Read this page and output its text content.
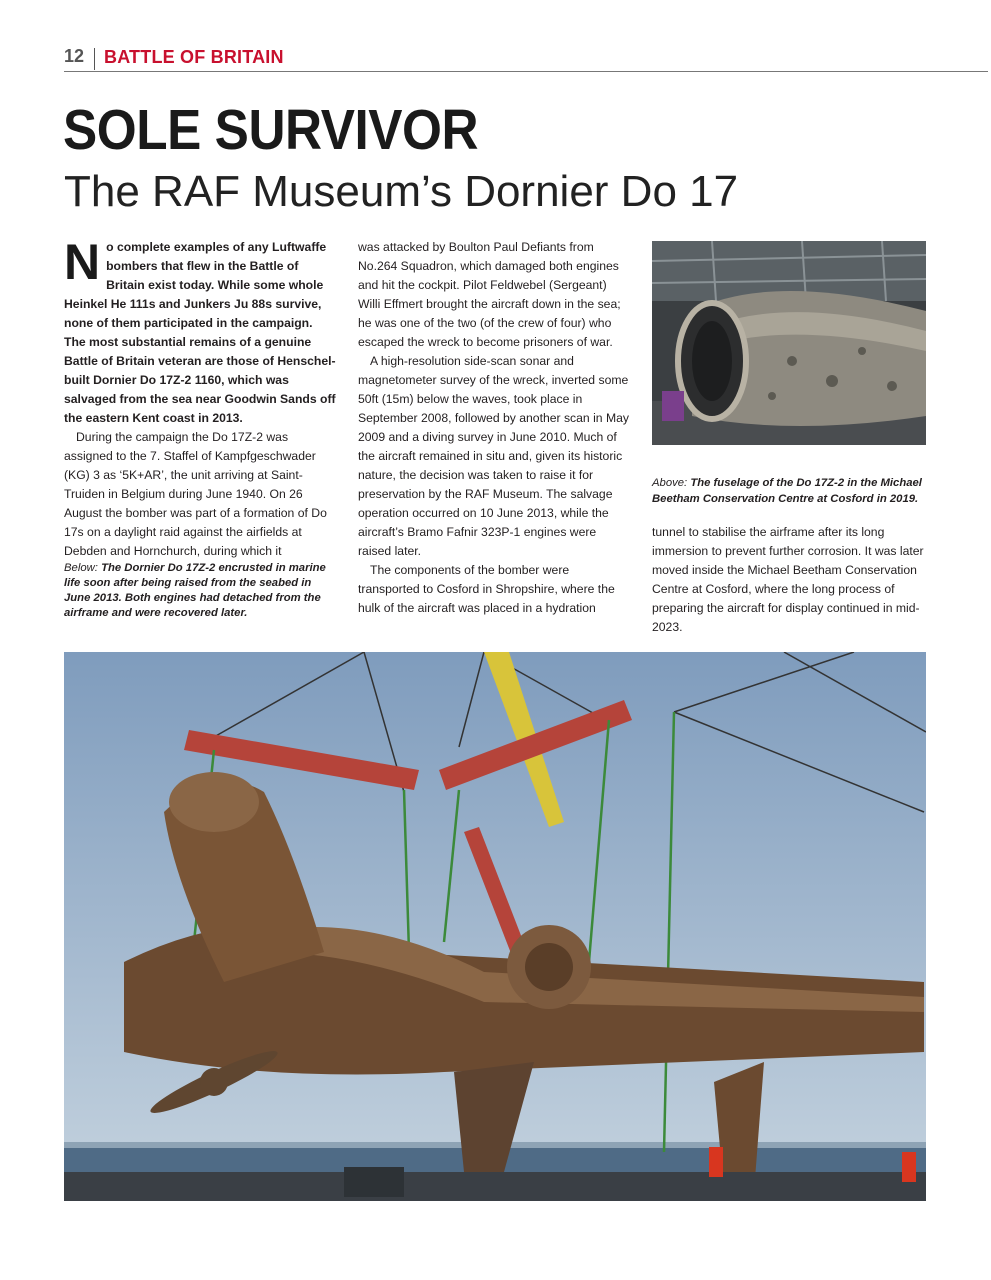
12 BATTLE OF BRITAIN
SOLE SURVIVOR
The RAF Museum’s Dornier Do 17

No complete examples of any Luftwaffe bombers that flew in the Battle of Britain exist today. While some whole Heinkel He 111s and Junkers Ju 88s survive, none of them participated in the campaign. The most substantial remains of a genuine Battle of Britain veteran are those of Henschel-built Dornier Do 17Z-2 1160, which was salvaged from the sea near Goodwin Sands off the eastern Kent coast in 2013.

During the campaign the Do 17Z-2 was assigned to the 7. Staffel of Kampfgeschwader (KG) 3 as ‘5K+AR’, the unit arriving at Saint-Truiden in Belgium during June 1940. On 26 August the bomber was part of a formation of Do 17s on a daylight raid against the airfields at Debden and Hornchurch, during which it

Below: The Dornier Do 17Z-2 encrusted in marine life soon after being raised from the seabed in June 2013. Both engines had detached from the airframe and were recovered later.

was attacked by Boulton Paul Defiants from No.264 Squadron, which damaged both engines and hit the cockpit. Pilot Feldwebel (Sergeant) Willi Effmert brought the aircraft down in the sea; he was one of the two (of the crew of four) who escaped the wreck to become prisoners of war.

A high-resolution side-scan sonar and magnetometer survey of the wreck, inverted some 50ft (15m) below the waves, took place in September 2008, followed by another scan in May 2009 and a diving survey in June 2010. Much of the aircraft remained in situ and, given its historic nature, the decision was taken to raise it for preservation by the RAF Museum. The salvage operation occurred on 10 June 2013, while the aircraft’s Bramo Fafnir 323P-1 engines were raised later.

The components of the bomber were transported to Cosford in Shropshire, where the hulk of the aircraft was placed in a hydration

Above: The fuselage of the Do 17Z-2 in the Michael Beetham Conservation Centre at Cosford in 2019.

tunnel to stabilise the airframe after its long immersion to prevent further corrosion. It was later moved inside the Michael Beetham Conservation Centre at Cosford, where the long process of preparing the aircraft for display continued in mid-2023.
